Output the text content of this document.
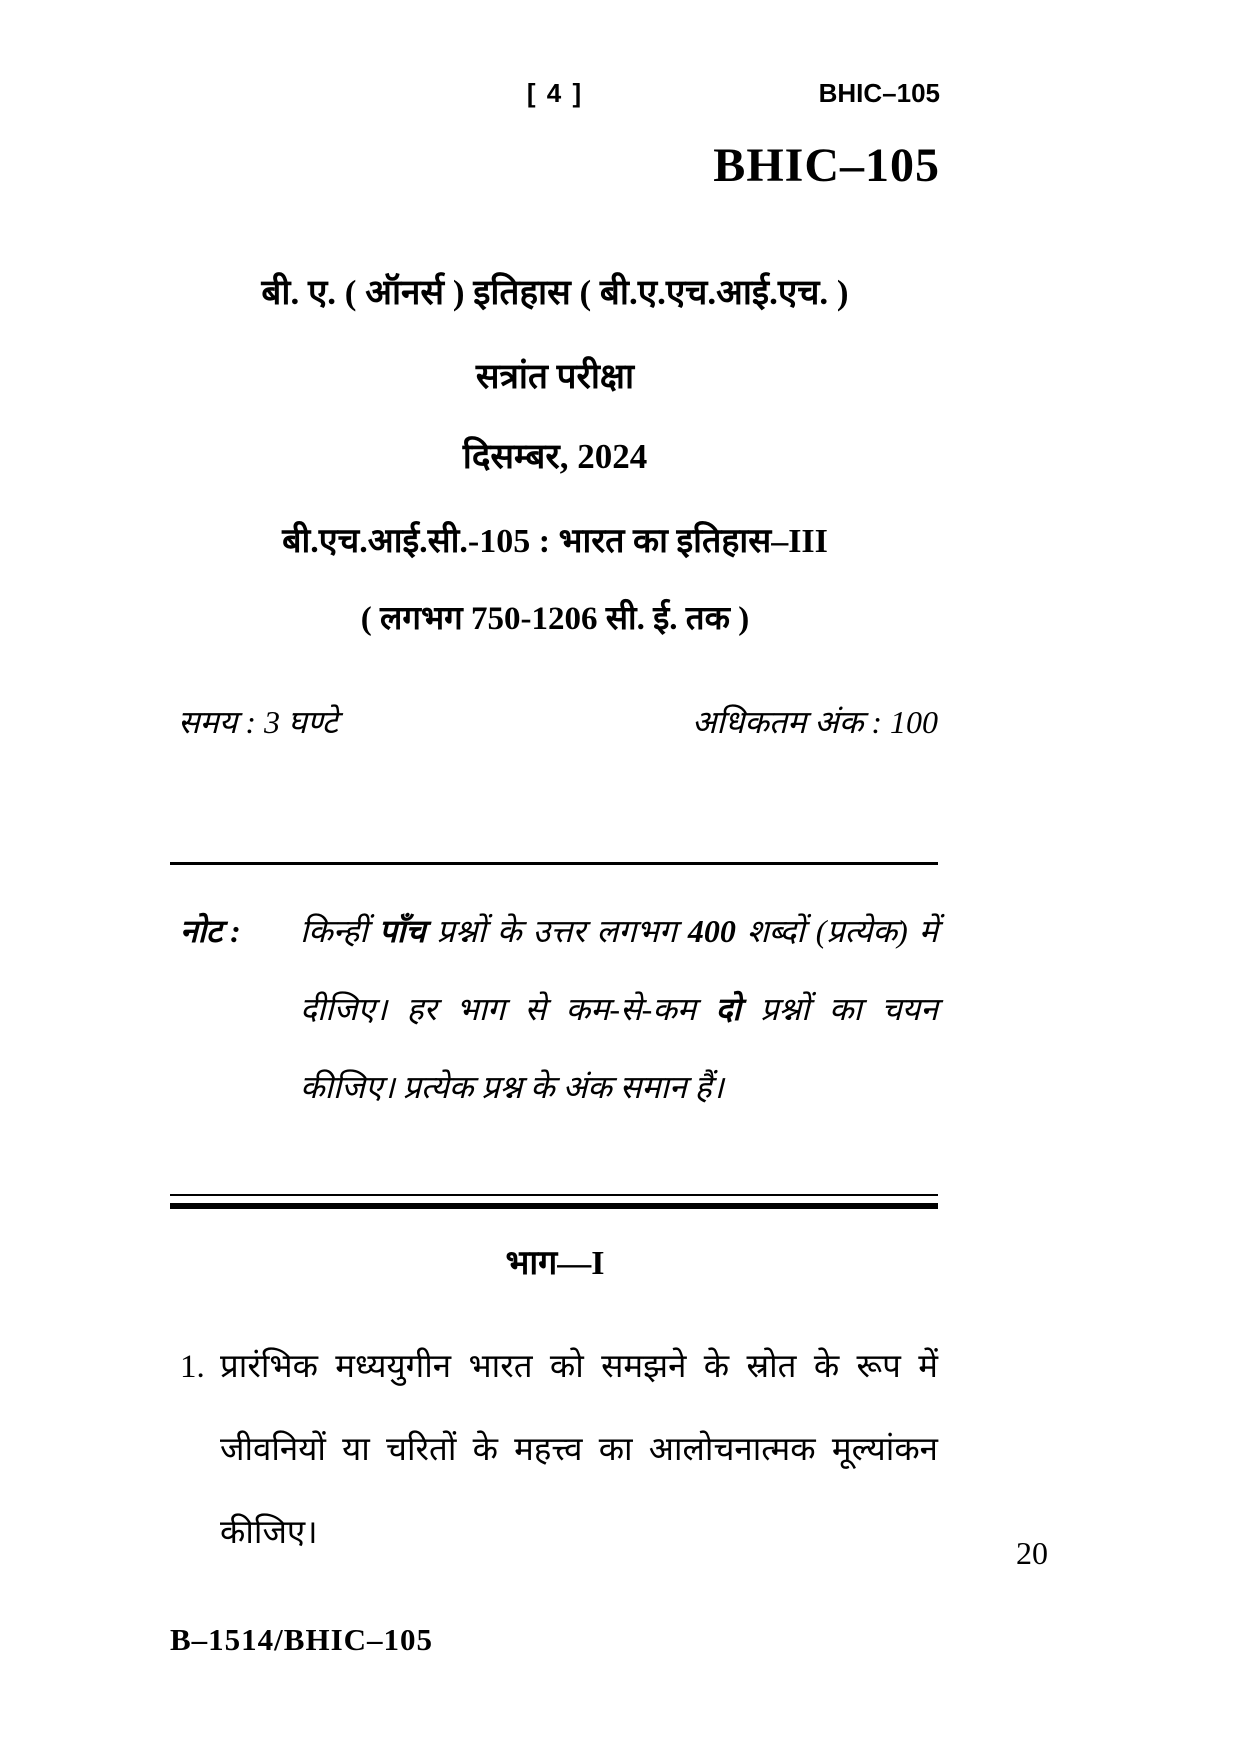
[ 4 ]	BHIC–105
BHIC–105
बी. ए. ( ऑनर्स ) इतिहास ( बी.ए.एच.आई.एच. )
सत्रांत परीक्षा
दिसम्बर, 2024
बी.एच.आई.सी.-105 : भारत का इतिहास–III
( लगभग 750-1206 सी. ई. तक )
समय : 3 घण्टे	अधिकतम अंक : 100
नोट : किन्हीं पाँच प्रश्नों के उत्तर लगभग 400 शब्दों (प्रत्येक) में दीजिए। हर भाग से कम-से-कम दो प्रश्नों का चयन कीजिए। प्रत्येक प्रश्न के अंक समान हैं।
भाग—I
1. प्रारंभिक मध्ययुगीन भारत को समझने के स्रोत के रूप में जीवनियों या चरितों के महत्त्व का आलोचनात्मक मूल्यांकन कीजिए।
20
B–1514/BHIC–105
